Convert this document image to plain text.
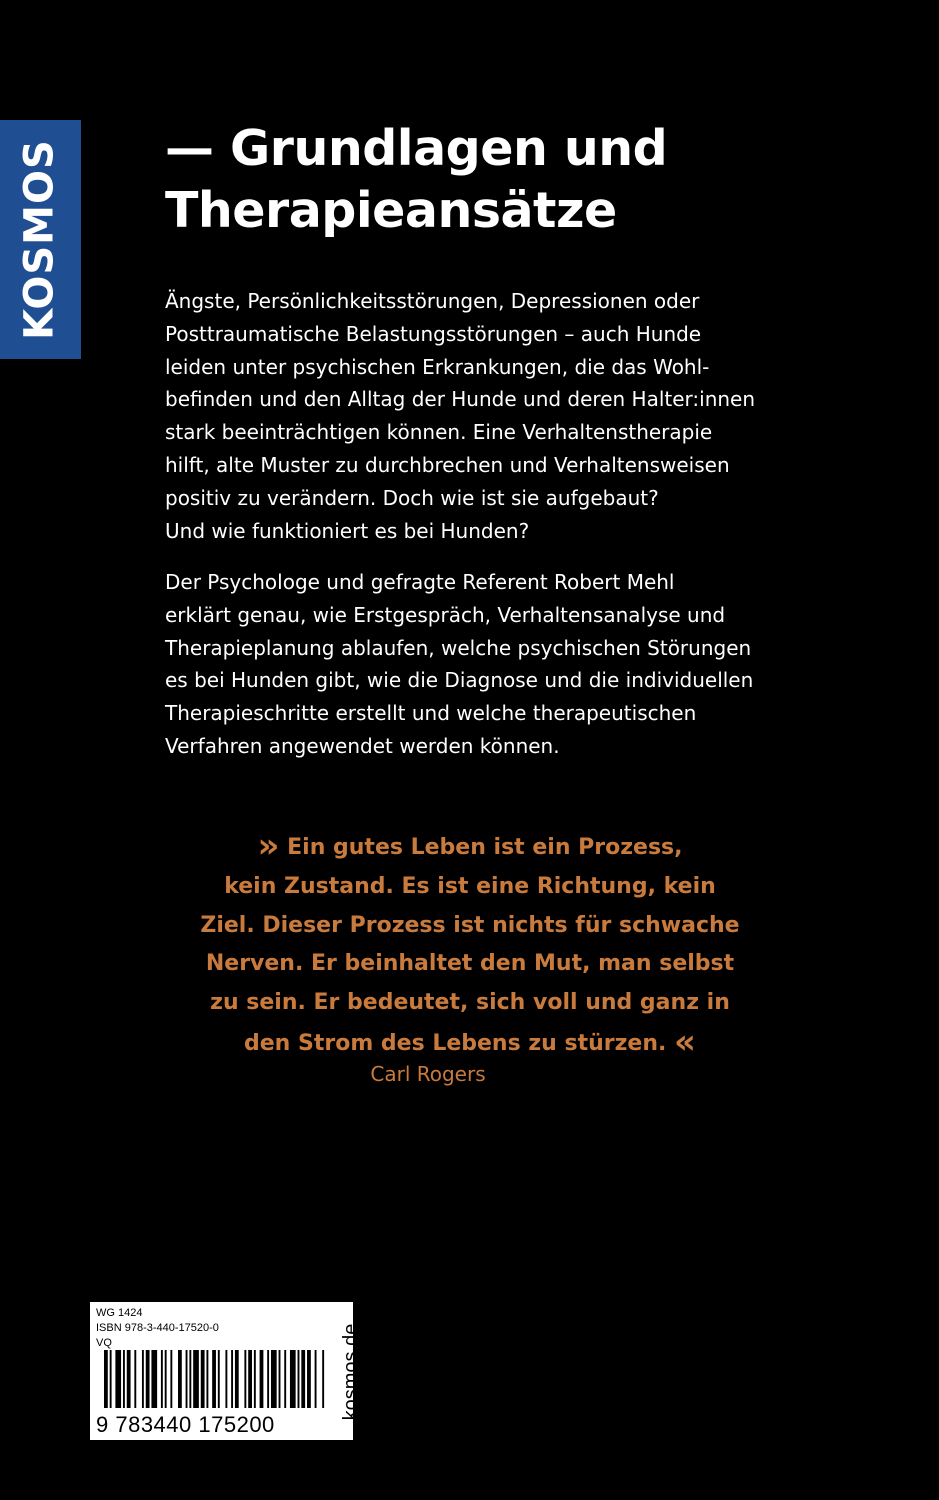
KOSMOS	— Grundlagen und
Therapieansätze

Ängste, Persönlichkeitsstörungen, Depressionen oder
Posttraumatische Belastungsstörungen – auch Hunde
leiden unter psychischen Erkrankungen, die das Wohl-
befinden und den Alltag der Hunde und deren Halter:innen
stark beeinträchtigen können. Eine Verhaltenstherapie
hilft, alte Muster zu durchbrechen und Verhaltensweisen
positiv zu verändern. Doch wie ist sie aufgebaut?
Und wie funktioniert es bei Hunden?

Der Psychologe und gefragte Referent Robert Mehl
erklärt genau, wie Erstgespräch, Verhaltensanalyse und
Therapieplanung ablaufen, welche psychischen Störungen
es bei Hunden gibt, wie die Diagnose und die individuellen
Therapieschritte erstellt und welche therapeutischen
Verfahren angewendet werden können.

» Ein gutes Leben ist ein Prozess,
kein Zustand. Es ist eine Richtung, kein
Ziel. Dieser Prozess ist nichts für schwache
Nerven. Er beinhaltet den Mut, man selbst
zu sein. Er bedeutet, sich voll und ganz in
den Strom des Lebens zu stürzen. «
Carl Rogers
WG 1424
ISBN 978-3-440-17520-0
VQ
9 783440 175200
kosmos.de
